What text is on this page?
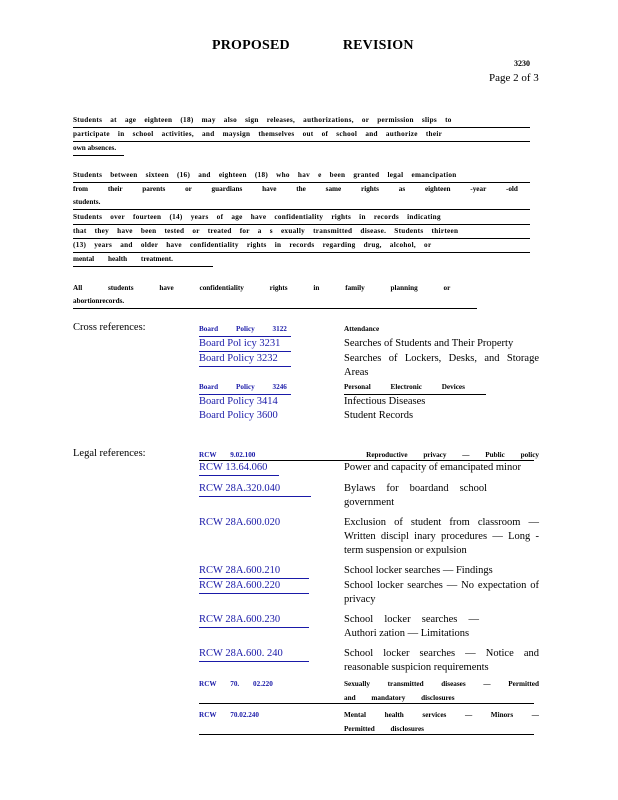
PROPOSED	REVISION
3230
Page 2 of 3
Students at age eighteen (18) may also sign releases, authorizations, or permission slips to
participate in school activities, and maysign themselves out of school and authorize their
own absences.
Students between sixteen (16) and eighteen (18) who hav e been granted legal emancipation
from their parents or guardians have the same rights as eighteen -year -old students.
Students over fourteen (14) years of age have confidentiality rights in records indicating
that they have been tested or treated for a s exually transmitted disease. Students thirteen
(13) years and older have confidentiality rights in records regarding drug, alcohol, or
mental health treatment.
All students have confidentiality rights in family planning or abortionrecords.
Cross references:	Board Policy 3122	Attendance
Board Pol icy 3231	Searches of Students and Their Property
Board Policy 3232	Searches of Lockers, Desks, and Storage Areas
Board Policy 3246	Personal Electronic Devices
Board Policy 3414	Infectious Diseases
Board Policy 3600	Student Records
Legal references:	RCW 9.02.100	Reproductive privacy — Public policy
RCW 13.64.060	Power and capacity of emancipated minor
RCW 28A.320.040	Bylaws for boardand school government
RCW 28A.600.020	Exclusion of student from classroom — Written discipl inary procedures — Long - term suspension or expulsion
RCW 28A.600.210	School locker searches — Findings
RCW 28A.600.220	School locker searches — No expectation of privacy
RCW 28A.600.230	School locker searches — Authori zation — Limitations
RCW 28A.600. 240	School locker searches — Notice and reasonable suspicion requirements
RCW 70. 02.220	Sexually transmitted diseases — Permitted and mandatory disclosures
RCW 70.02.240	Mental health services — Minors — Permitted disclosures
